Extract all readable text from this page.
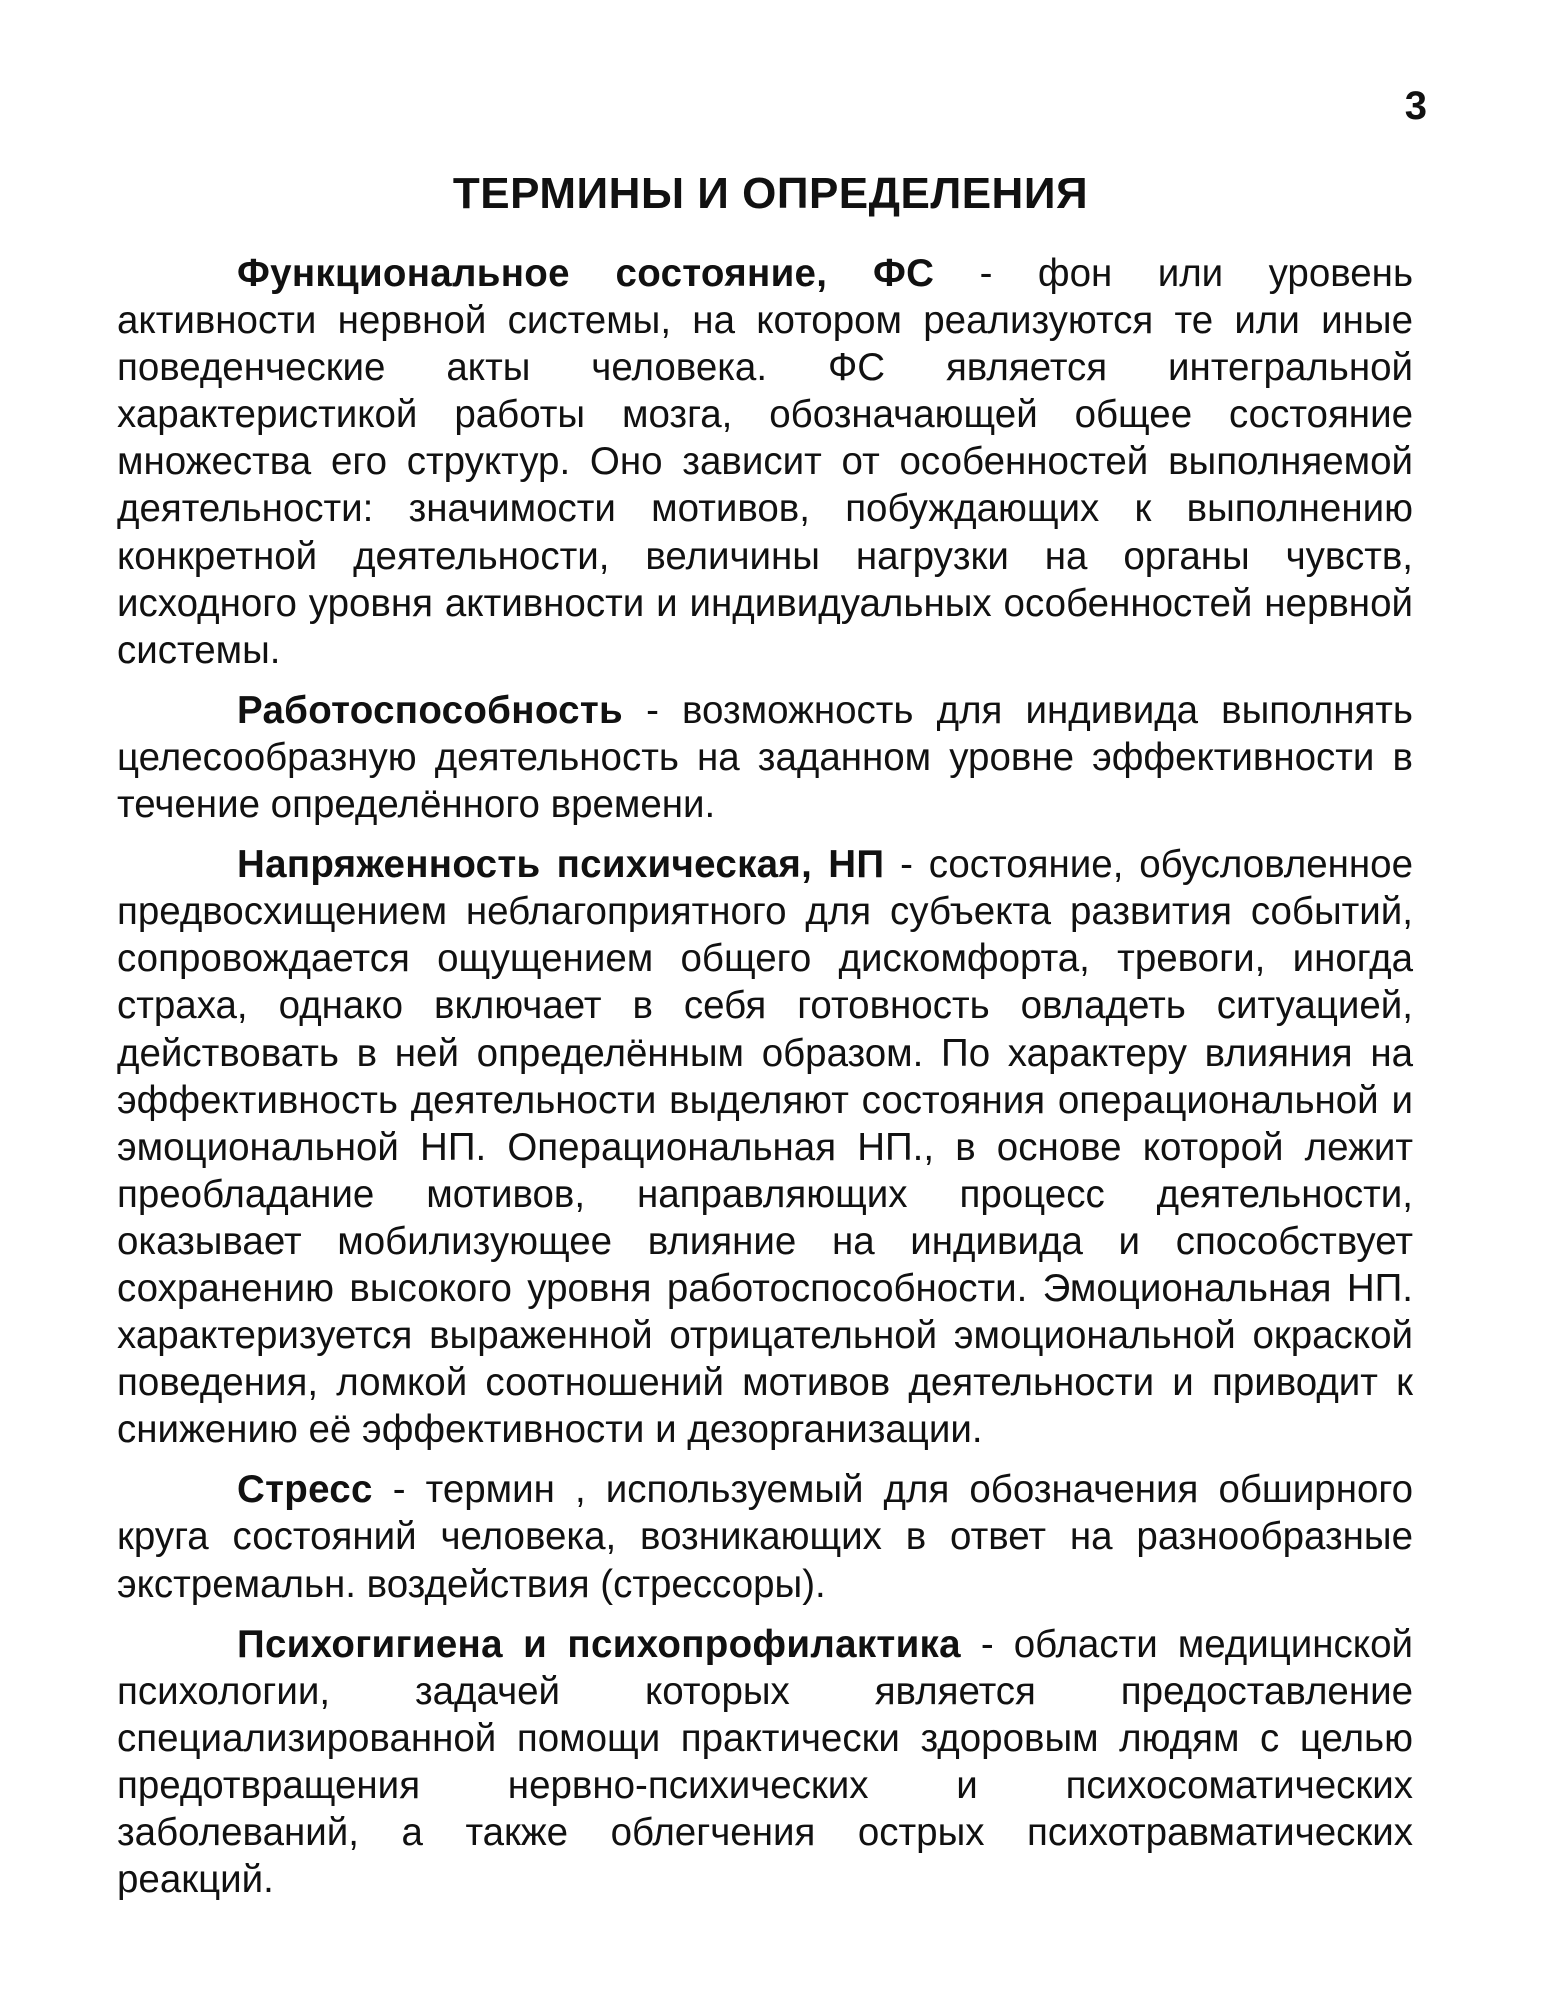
3
ТЕРМИНЫ И ОПРЕДЕЛЕНИЯ

Функциональное состояние, ФС - фон или уровень активности нервной системы, на котором реализуются те или иные поведенческие акты человека. ФС является интегральной характеристикой работы мозга, обозначающей общее состояние множества его структур. Оно зависит от особенностей выполняемой деятельности: значимости мотивов, побуждающих к выполнению конкретной деятельности, величины нагрузки на органы чувств, исходного уровня активности и индивидуальных особенностей нервной системы.

Работоспособность - возможность для индивида выполнять целесообразную деятельность на заданном уровне эффективности в течение определённого времени.

Напряженность психическая, НП - состояние, обусловленное предвосхищением неблагоприятного для субъекта развития событий, сопровождается ощущением общего дискомфорта, тревоги, иногда страха, однако включает в себя готовность овладеть ситуацией, действовать в ней определённым образом. По характеру влияния на эффективность деятельности выделяют состояния операциональной и эмоциональной НП. Операциональная НП., в основе которой лежит преобладание мотивов, направляющих процесс деятельности, оказывает мобилизующее влияние на индивида и способствует сохранению высокого уровня работоспособности. Эмоциональная НП. характеризуется выраженной отрицательной эмоциональной окраской поведения, ломкой соотношений мотивов деятельности и приводит к снижению её эффективности и дезорганизации.

Стресс - термин , используемый для обозначения обширного круга состояний человека, возникающих в ответ на разнообразные экстремальн. воздействия (стрессоры).

Психогигиена и психопрофилактика - области медицинской психологии, задачей которых является предоставление специализированной помощи практически здоровым людям с целью предотвращения нервно-психических и психосоматических заболеваний, а также облегчения острых психотравматических реакций.
